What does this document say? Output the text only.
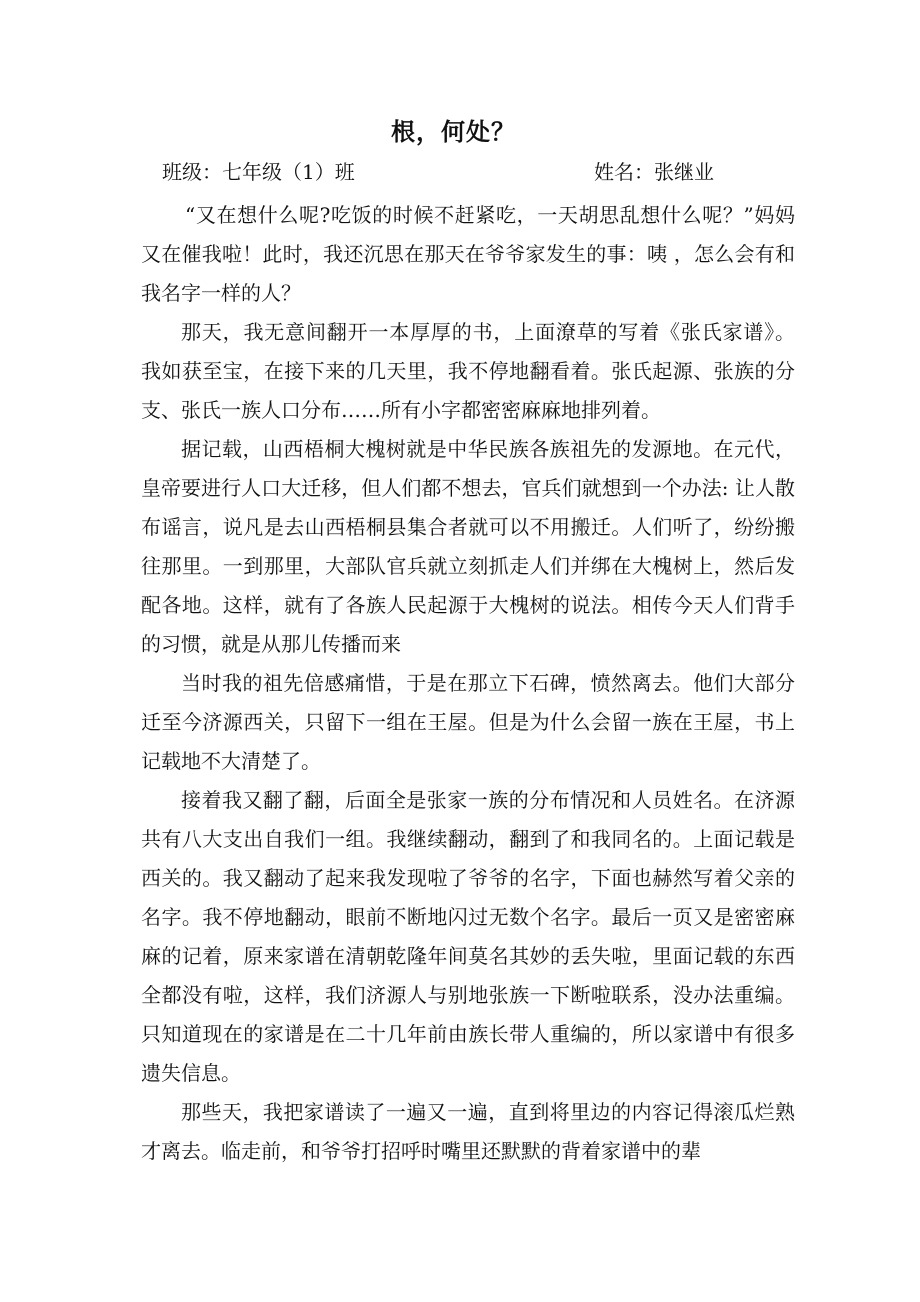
根，何处？
班级：七年级（1）班	姓名：张继业

“又在想什么呢?吃饭的时候不赶紧吃，一天胡思乱想什么呢？”妈妈又在催我啦！此时，我还沉思在那天在爷爷家发生的事：咦 ，怎么会有和我名字一样的人？

那天，我无意间翻开一本厚厚的书，上面潦草的写着《张氏家谱》。 我如获至宝，在接下来的几天里，我不停地翻看着。张氏起源、张族的分支、张氏一族人口分布……所有小字都密密麻麻地排列着。

据记载，山西梧桐大槐树就是中华民族各族祖先的发源地。在元代，皇帝要进行人口大迁移，但人们都不想去，官兵们就想到一个办法: 让人散布谣言，说凡是去山西梧桐县集合者就可以不用搬迁。人们听了，纷纷搬往那里。一到那里，大部队官兵就立刻抓走人们并绑在大槐树上，然后发配各地。这样，就有了各族人民起源于大槐树的说法。相传今天人们背手的习惯，就是从那儿传播而来

当时我的祖先倍感痛惜，于是在那立下石碑，愤然离去。他们大部分迁至今济源西关，只留下一组在王屋。但是为什么会留一族在王屋，书上记载地不大清楚了。

接着我又翻了翻，后面全是张家一族的分布情况和人员姓名。在济源共有八大支出自我们一组。我继续翻动，翻到了和我同名的。上面记载是西关的。我又翻动了起来我发现啦了爷爷的名字，下面也赫然写着父亲的名字。我不停地翻动，眼前不断地闪过无数个名字。最后一页又是密密麻麻的记着，原来家谱在清朝乾隆年间莫名其妙的丢失啦，里面记载的东西全都没有啦，这样，我们济源人与别地张族一下断啦联系，没办法重编。只知道现在的家谱是在二十几年前由族长带人重编的，所以家谱中有很多遗失信息。

那些天，我把家谱读了一遍又一遍，直到将里边的内容记得滚瓜烂熟才离去。临走前，和爷爷打招呼时嘴里还默默的背着家谱中的辈
